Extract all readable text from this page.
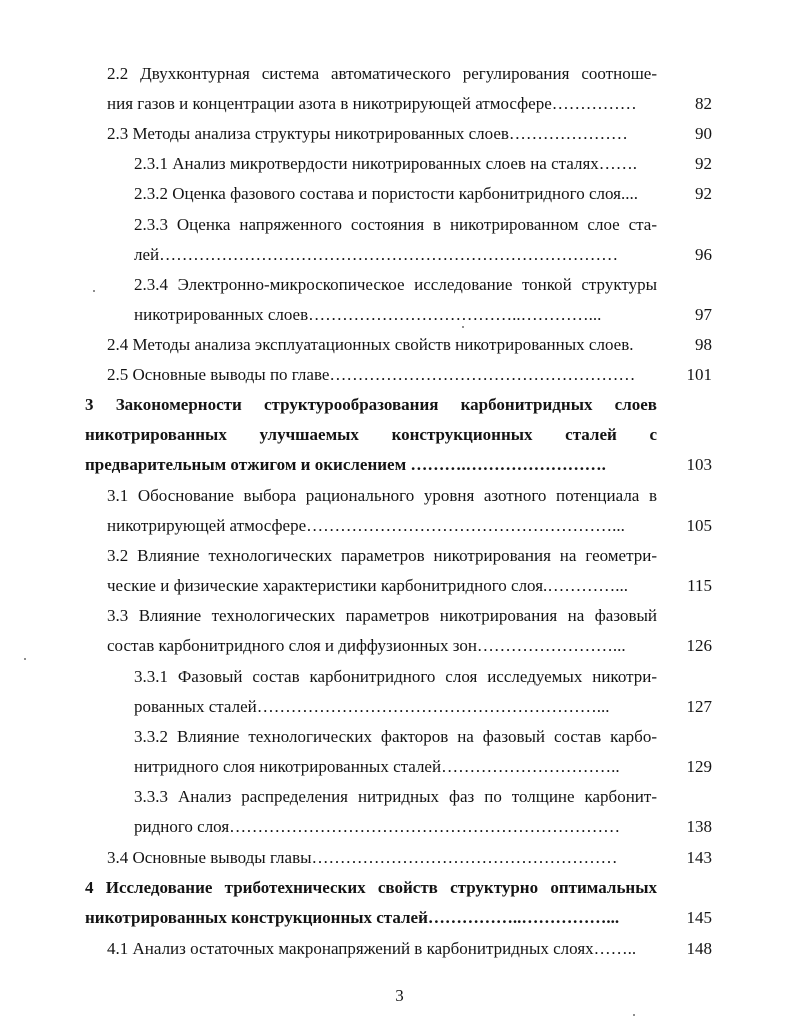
2.2 Двухконтурная система автоматического регулирования соотноше-
ния газов и концентрации азота в никотрирующей атмосфере……………	82
2.3 Методы анализа структуры никотрированных слоев…………………	90
2.3.1 Анализ микротвердости никотрированных слоев на сталях…….	92
2.3.2 Оценка фазового состава и пористости карбонитридного слоя....	92
2.3.3 Оценка напряженного состояния в никотрированном слое ста-
лей………………………………………………………………………	96
2.3.4 Электронно-микроскопическое исследование тонкой структуры
никотрированных слоев………………………………..…………...	97
2.4 Методы анализа эксплуатационных свойств никотрированных слоев.	98
2.5 Основные выводы по главе………………………………………………	101
3 Закономерности структурообразования карбонитридных слоев
никотрированных улучшаемых конструкционных сталей с
предварительным отжигом и окислением ……….…………………….	103
3.1 Обоснование выбора рационального уровня азотного потенциала в
никотрирующей атмосфере………………………………………………...	105
3.2 Влияние технологических параметров никотрирования на геометри-
ческие и физические характеристики карбонитридного слоя.…………...	115
3.3 Влияние технологических параметров никотрирования на фазовый
состав карбонитридного слоя и диффузионных зон……………………...	126
3.3.1 Фазовый состав карбонитридного слоя исследуемых никотри-
рованных сталей……………………………………………………...	127
3.3.2 Влияние технологических факторов на фазовый состав карбо-
нитридного слоя никотрированных сталей…………………………..	129
3.3.3 Анализ распределения нитридных фаз по толщине карбонит-
ридного слоя……………………………………………………………	138
3.4 Основные выводы главы………………………………………………	143
4 Исследование триботехнических свойств структурно оптимальных
никотрированных конструкционных сталей……………..……………...	145
4.1 Анализ остаточных макронапряжений в карбонитридных слоях……..	148
3
